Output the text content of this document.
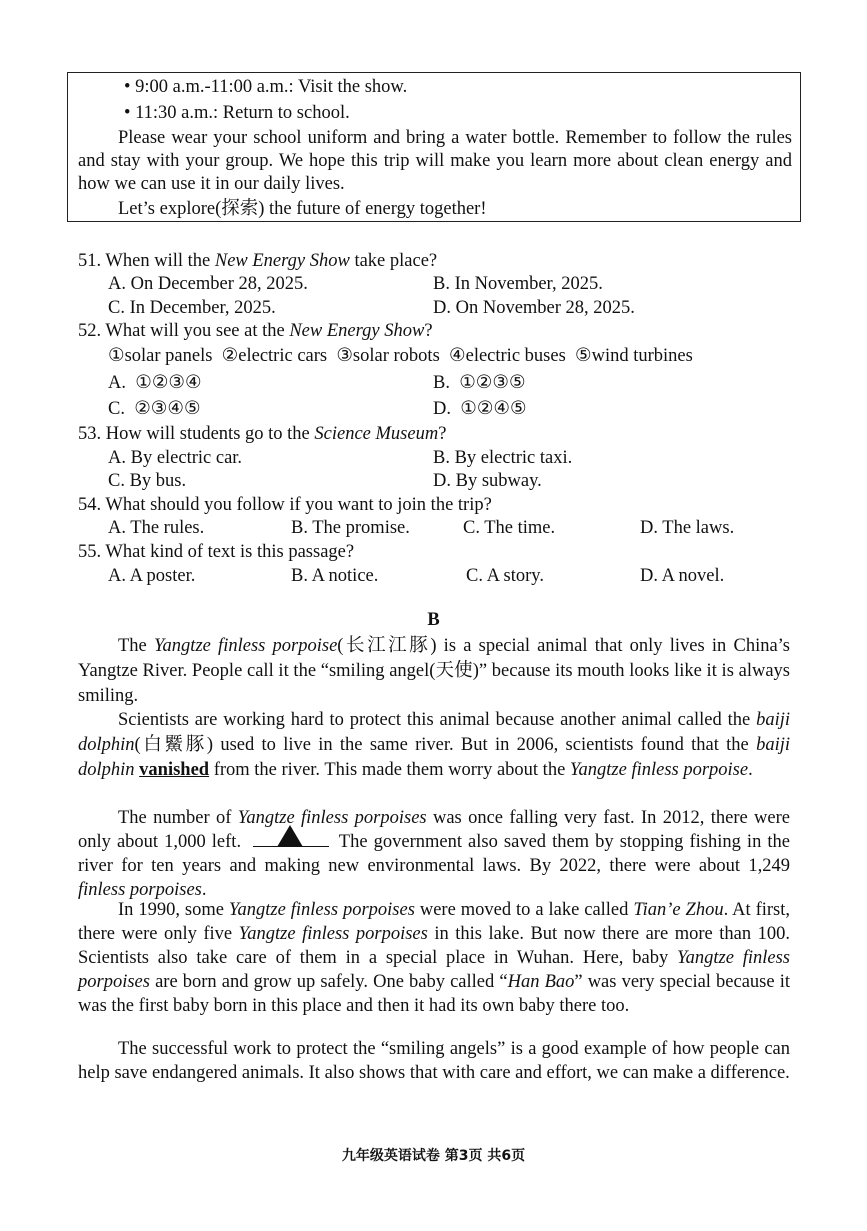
• 9:00 a.m.-11:00 a.m.: Visit the show.
• 11:30 a.m.: Return to school.
Please wear your school uniform and bring a water bottle. Remember to follow the rules and stay with your group. We hope this trip will make you learn more about clean energy and how we can use it in our daily lives.
Let’s explore(探索) the future of energy together!
51. When will the New Energy Show take place?
A. On December 28, 2025.	B. In November, 2025.
C. In December, 2025.	D. On November 28, 2025.
52. What will you see at the New Energy Show?
①solar panels  ②electric cars  ③solar robots  ④electric buses  ⑤wind turbines
A.  ①②③④	B.  ①②③⑤
C.  ②③④⑤	D.  ①②④⑤
53. How will students go to the Science Museum?
A. By electric car.	B. By electric taxi.
C. By bus.	D. By subway.
54. What should you follow if you want to join the trip?
A. The rules.	B. The promise.	C. The time.	D. The laws.
55. What kind of text is this passage?
A. A poster.	B. A notice.	C. A story.	D. A novel.
B
The Yangtze finless porpoise(长江江豚) is a special animal that only lives in China’s Yangtze River. People call it the “smiling angel(天使)” because its mouth looks like it is always smiling.
Scientists are working hard to protect this animal because another animal called the baiji dolphin(白鱀豚) used to live in the same river. But in 2006, scientists found that the baiji dolphin vanished from the river. This made them worry about the Yangtze finless porpoise.
The number of Yangtze finless porpoises was once falling very fast. In 2012, there were only about 1,000 left.	The government also saved them by stopping fishing in the river for ten years and making new environmental laws. By 2022, there were about 1,249 finless porpoises.
In 1990, some Yangtze finless porpoises were moved to a lake called Tian’e Zhou. At first, there were only five Yangtze finless porpoises in this lake. But now there are more than 100. Scientists also take care of them in a special place in Wuhan. Here, baby Yangtze finless porpoises are born and grow up safely. One baby called “Han Bao” was very special because it was the first baby born in this place and then it had its own baby there too.
The successful work to protect the “smiling angels” is a good example of how people can help save endangered animals. It also shows that with care and effort, we can make a difference.
九年级英语试卷 第3页 共6页
